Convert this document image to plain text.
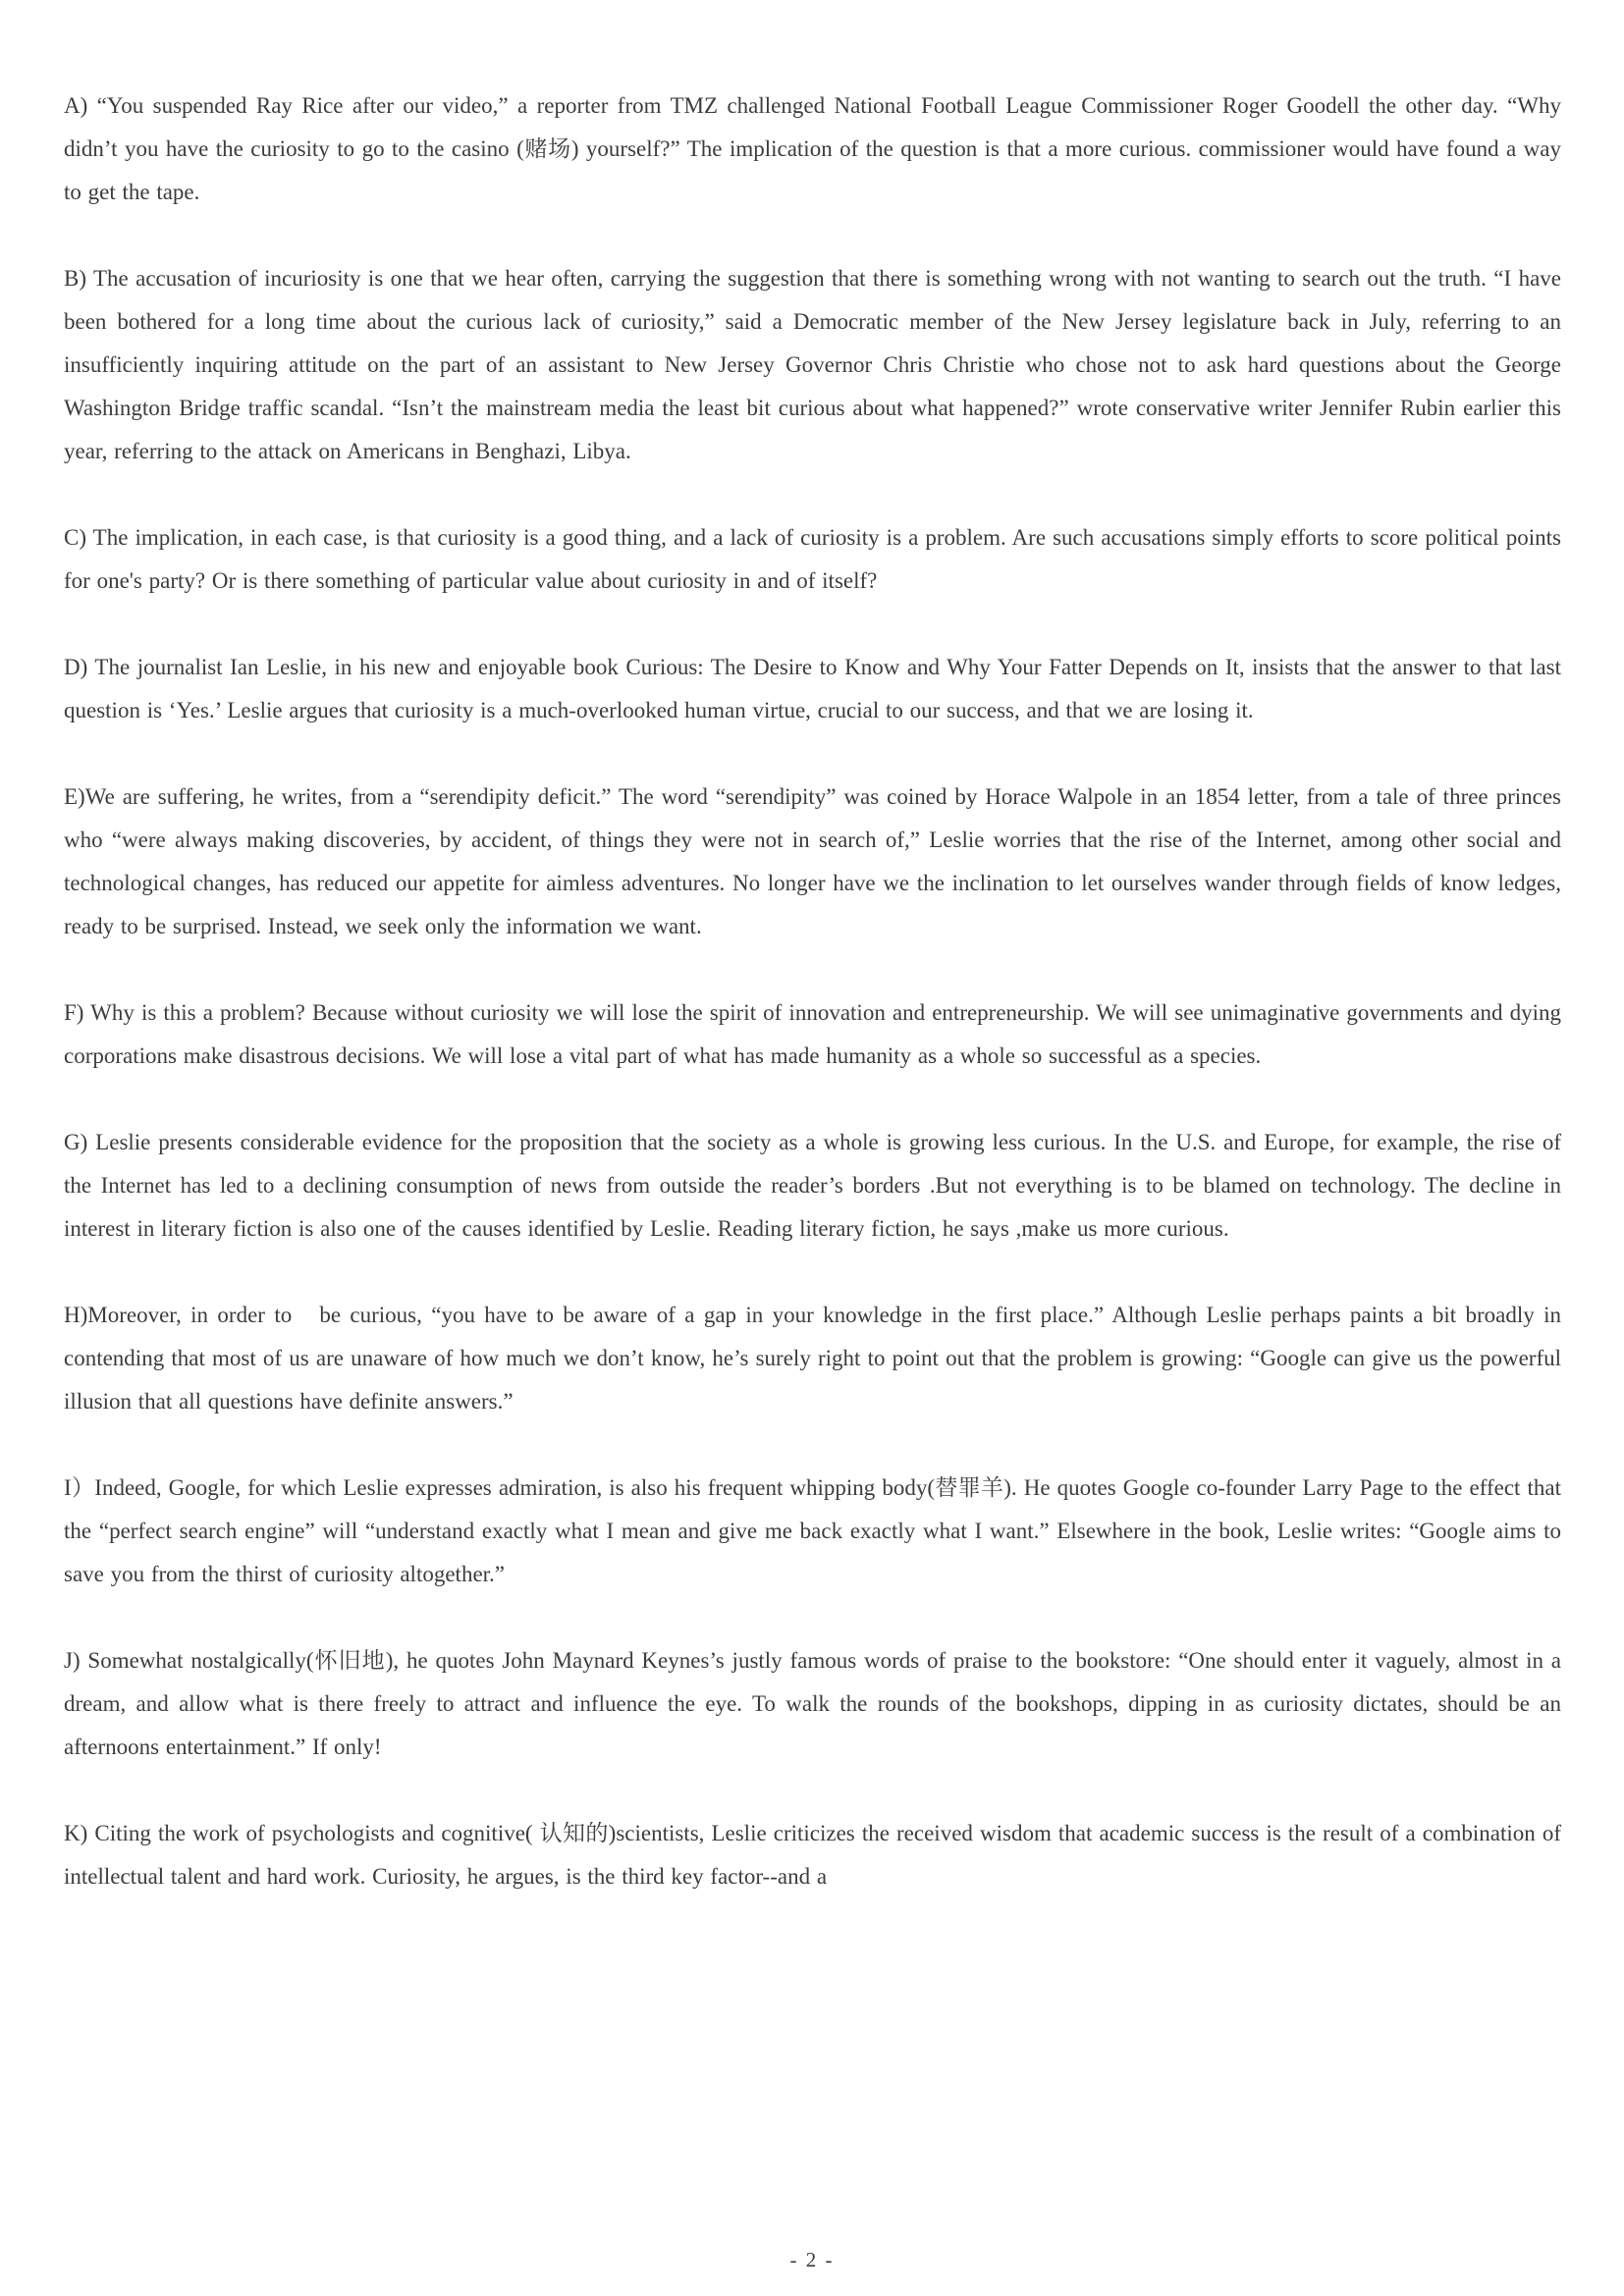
A) “You suspended Ray Rice after our video,” a reporter from TMZ challenged National Football League Commissioner Roger Goodell the other day. “Why didn’t you have the curiosity to go to the casino (赌场) yourself?” The implication of the question is that a more curious. commissioner would have found a way to get the tape.

B) The accusation of incuriosity is one that we hear often, carrying the suggestion that there is something wrong with not wanting to search out the truth. “I have been bothered for a long time about the curious lack of curiosity,” said a Democratic member of the New Jersey legislature back in July, referring to an insufficiently inquiring attitude on the part of an assistant to New Jersey Governor Chris Christie who chose not to ask hard questions about the George Washington Bridge traffic scandal. “Isn’t the mainstream media the least bit curious about what happened?” wrote conservative writer Jennifer Rubin earlier this year, referring to the attack on Americans in Benghazi, Libya.

C) The implication, in each case, is that curiosity is a good thing, and a lack of curiosity is a problem. Are such accusations simply efforts to score political points for one's party? Or is there something of particular value about curiosity in and of itself?

D) The journalist Ian Leslie, in his new and enjoyable book Curious: The Desire to Know and Why Your Fatter Depends on It, insists that the answer to that last question is ‘Yes.’ Leslie argues that curiosity is a much-overlooked human virtue, crucial to our success, and that we are losing it.

E)We are suffering, he writes, from a “serendipity deficit.” The word “serendipity” was coined by Horace Walpole in an 1854 letter, from a tale of three princes who “were always making discoveries, by accident, of things they were not in search of,” Leslie worries that the rise of the Internet, among other social and technological changes, has reduced our appetite for aimless adventures. No longer have we the inclination to let ourselves wander through fields of know ledges, ready to be surprised. Instead, we seek only the information we want.

F) Why is this a problem? Because without curiosity we will lose the spirit of innovation and entrepreneurship. We will see unimaginative governments and dying corporations make disastrous decisions. We will lose a vital part of what has made humanity as a whole so successful as a species.

G) Leslie presents considerable evidence for the proposition that the society as a whole is growing less curious. In the U.S. and Europe, for example, the rise of the Internet has led to a declining consumption of news from outside the reader’s borders .But not everything is to be blamed on technology. The decline in interest in literary fiction is also one of the causes identified by Leslie. Reading literary fiction, he says ,make us more curious.

H)Moreover, in order to   be curious, “you have to be aware of a gap in your knowledge in the first place.” Although Leslie perhaps paints a bit broadly in contending that most of us are unaware of how much we don’t know, he’s surely right to point out that the problem is growing: “Google can give us the powerful illusion that all questions have definite answers.”

I）Indeed, Google, for which Leslie expresses admiration, is also his frequent whipping body(替罪羊). He quotes Google co-founder Larry Page to the effect that the “perfect search engine” will “understand exactly what I mean and give me back exactly what I want.” Elsewhere in the book, Leslie writes: “Google aims to save you from the thirst of curiosity altogether.”

J) Somewhat nostalgically(怀旧地), he quotes John Maynard Keynes’s justly famous words of praise to the bookstore: “One should enter it vaguely, almost in a dream, and allow what is there freely to attract and influence the eye. To walk the rounds of the bookshops, dipping in as curiosity dictates, should be an afternoons entertainment.” If only!

K) Citing the work of psychologists and cognitive( 认知的)scientists, Leslie criticizes the received wisdom that academic success is the result of a combination of intellectual talent and hard work. Curiosity, he argues, is the third key factor--and a

- 2 -
